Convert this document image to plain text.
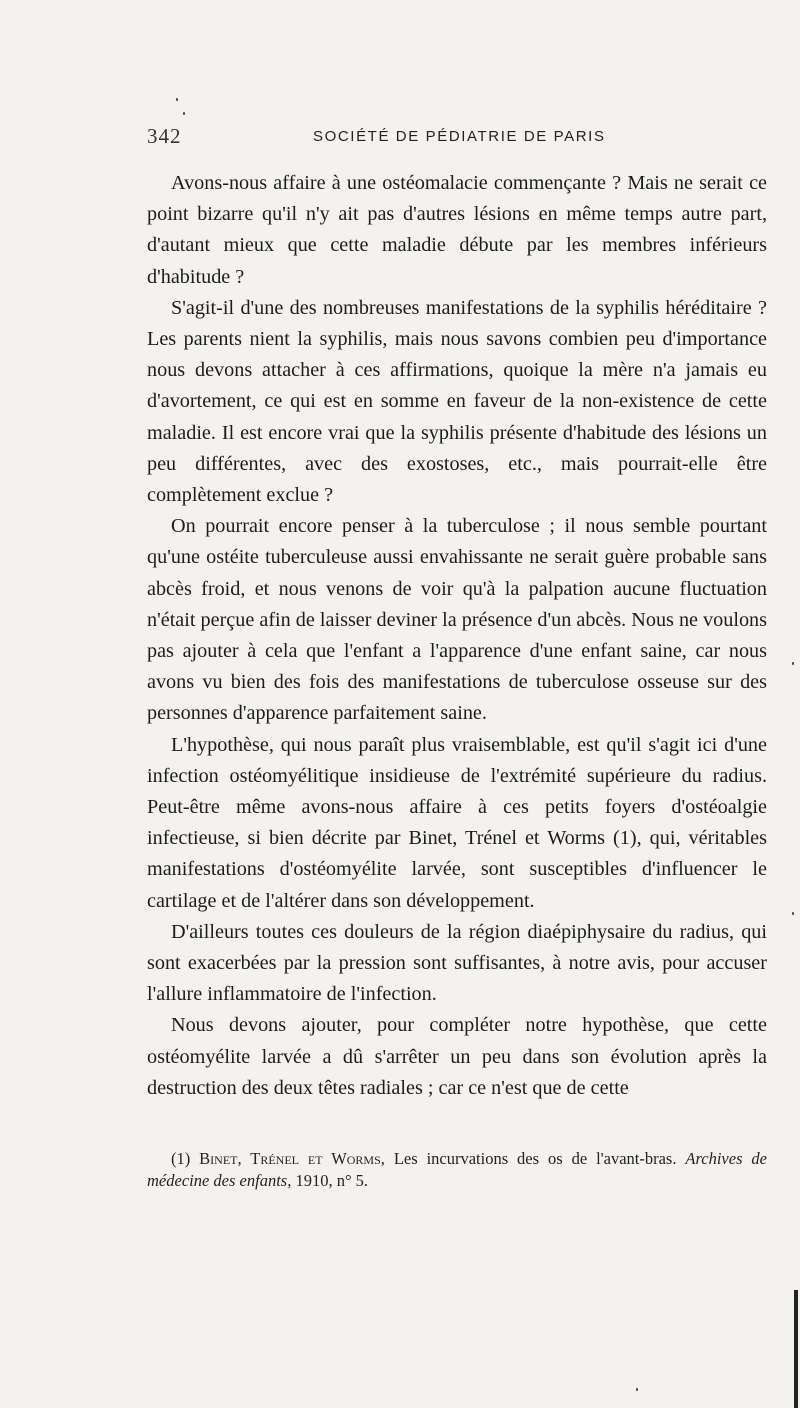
342	SOCIÉTÉ DE PÉDIATRIE DE PARIS

Avons-nous affaire à une ostéomalacie commençante ? Mais ne serait ce point bizarre qu'il n'y ait pas d'autres lésions en même temps autre part, d'autant mieux que cette maladie débute par les membres inférieurs d'habitude ?

S'agit-il d'une des nombreuses manifestations de la syphilis héréditaire ? Les parents nient la syphilis, mais nous savons combien peu d'importance nous devons attacher à ces affirmations, quoique la mère n'a jamais eu d'avortement, ce qui est en somme en faveur de la non-existence de cette maladie. Il est encore vrai que la syphilis présente d'habitude des lésions un peu différentes, avec des exostoses, etc., mais pourrait-elle être complètement exclue ?

On pourrait encore penser à la tuberculose ; il nous semble pourtant qu'une ostéite tuberculeuse aussi envahissante ne serait guère probable sans abcès froid, et nous venons de voir qu'à la palpation aucune fluctuation n'était perçue afin de laisser deviner la présence d'un abcès. Nous ne voulons pas ajouter à cela que l'enfant a l'apparence d'une enfant saine, car nous avons vu bien des fois des manifestations de tuberculose osseuse sur des personnes d'apparence parfaitement saine.

L'hypothèse, qui nous paraît plus vraisemblable, est qu'il s'agit ici d'une infection ostéomyélitique insidieuse de l'extrémité supérieure du radius. Peut-être même avons-nous affaire à ces petits foyers d'ostéoalgie infectieuse, si bien décrite par Binet, Trénel et Worms (1), qui, véritables manifestations d'ostéomyélite larvée, sont susceptibles d'influencer le cartilage et de l'altérer dans son développement.

D'ailleurs toutes ces douleurs de la région diaépiphysaire du radius, qui sont exacerbées par la pression sont suffisantes, à notre avis, pour accuser l'allure inflammatoire de l'infection.

Nous devons ajouter, pour compléter notre hypothèse, que cette ostéomyélite larvée a dû s'arrêter un peu dans son évolution après la destruction des deux têtes radiales ; car ce n'est que de cette

(1) Binet, Trénel et Worms, Les incurvations des os de l'avant-bras. Archives de médecine des enfants, 1910, n° 5.
